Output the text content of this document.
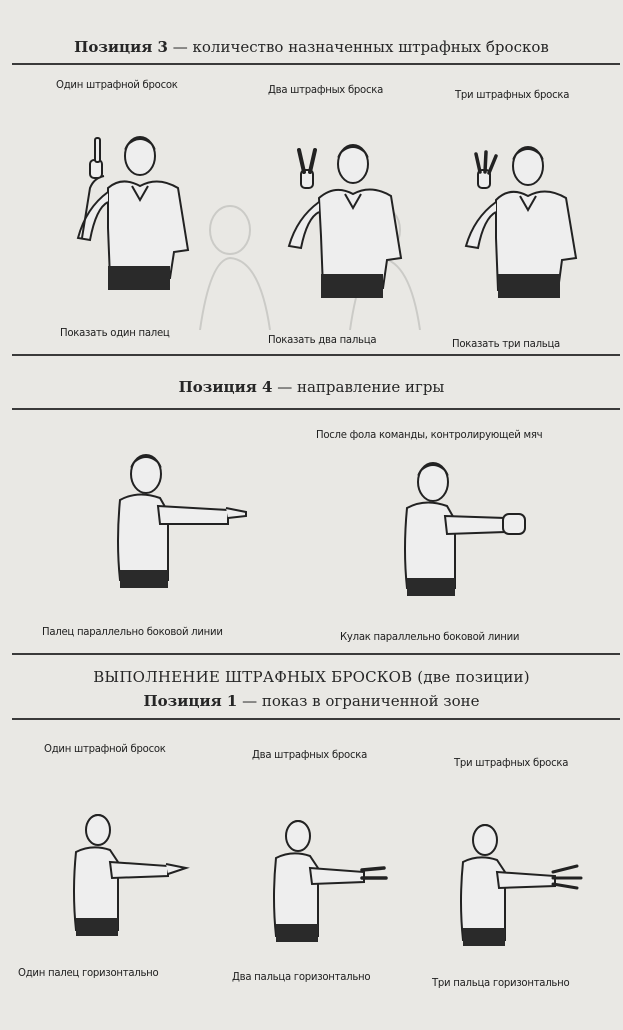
Позиция 3 — количество назначенных штрафных бросков
Один штрафной бросок	Два штрафных броска	Три штрафных броска
Показать один палец
Показать два пальца	Показать три пальца
Позиция 4 — направление игры
После фола команды, контролирующей мяч
Палец параллельно боковой линии	Кулак параллельно боковой линии
ВЫПОЛНЕНИЕ ШТРАФНЫХ БРОСКОВ (две позиции)
Позиция 1 — показ в ограниченной зоне
Один штрафной бросок	Два штрафных броска
Три штрафных броска
Один палец горизонтально	Два пальца горизонтально	Три пальца горизонтально
